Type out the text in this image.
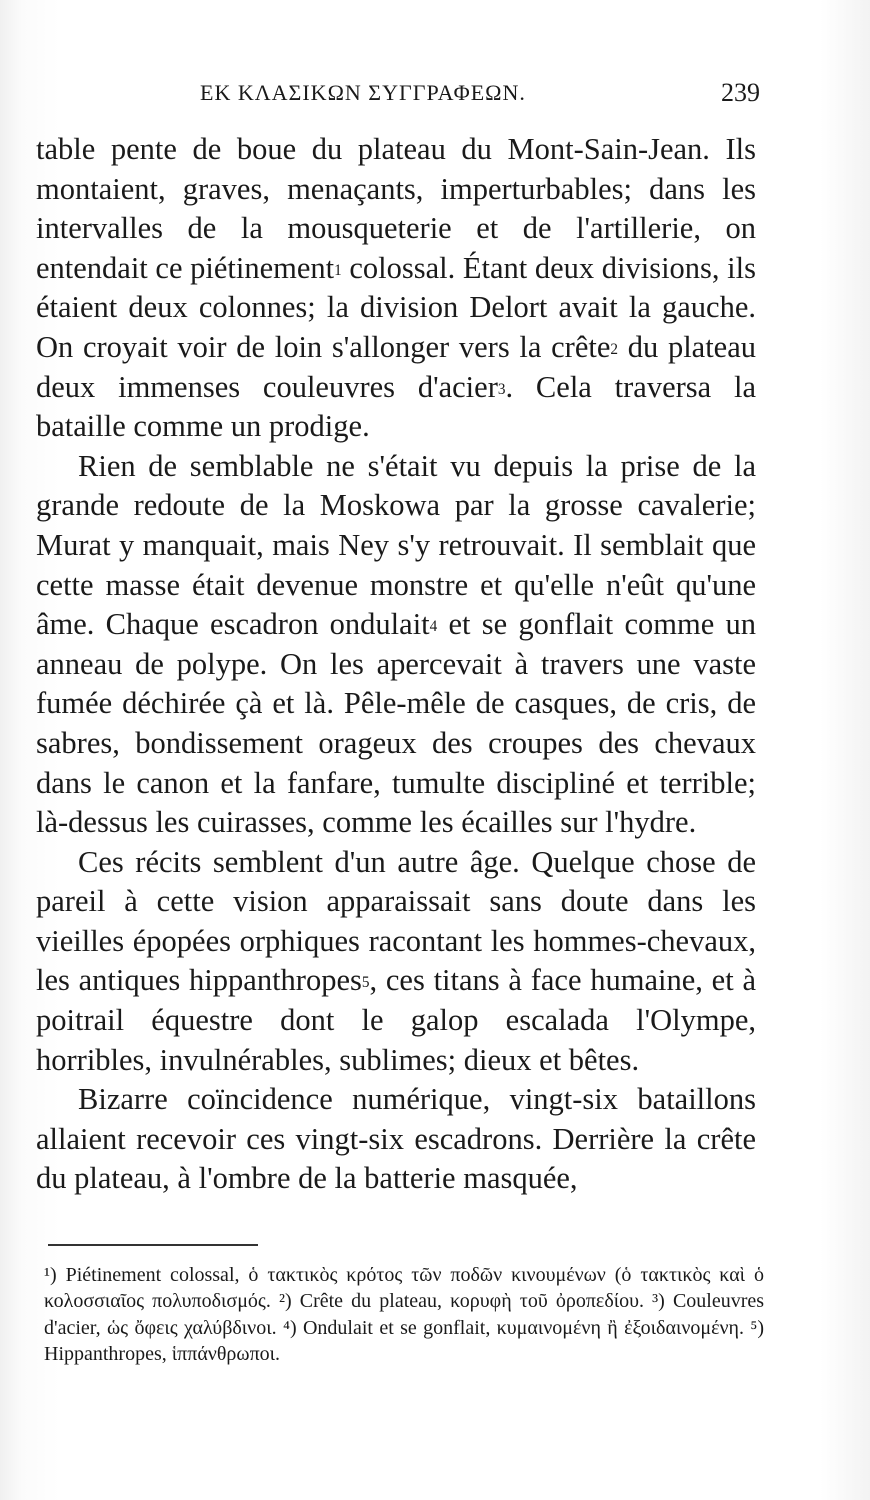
ΕΚ ΚΛΑΣΙΚΩΝ ΣΥΓΓΡΑΦΕΩΝ.	239

table pente de boue du plateau du Mont-Sain-Jean. Ils montaient, graves, menaçants, imperturbables; dans les intervalles de la mousqueterie et de l'artillerie, on entendait ce piétinement$^1$ colossal. Étant deux divisions, ils étaient deux colonnes; la division Delort avait la gauche. On croyait voir de loin s'allonger vers la crête$^2$ du plateau deux immenses couleuvres d'acier$^3$. Cela traversa la bataille comme un prodige.

Rien de semblable ne s'était vu depuis la prise de la grande redoute de la Moskowa par la grosse cavalerie; Murat y manquait, mais Ney s'y retrouvait. Il semblait que cette masse était devenue monstre et qu'elle n'eût qu'une âme. Chaque escadron ondulait$^4$ et se gonflait comme un anneau de polype. On les apercevait à travers une vaste fumée déchirée çà et là. Pêle-mêle de casques, de cris, de sabres, bondissement orageux des croupes des chevaux dans le canon et la fanfare, tumulte discipliné et terrible; là-dessus les cuirasses, comme les écailles sur l'hydre.

Ces récits semblent d'un autre âge. Quelque chose de pareil à cette vision apparaissait sans doute dans les vieilles épopées orphiques racontant les hommes-chevaux, les antiques hippanthropes$^5$, ces titans à face humaine, et à poitrail équestre dont le galop escalada l'Olympe, horribles, invulnérables, sublimes; dieux et bêtes.

Bizarre coïncidence numérique, vingt-six bataillons allaient recevoir ces vingt-six escadrons. Derrière la crête du plateau, à l'ombre de la batterie masquée,

¹) Piétinement colossal, ὁ τακτικὸς κρότος τῶν ποδῶν κινουμένων (ὁ τακτικὸς καὶ ὁ κολοσσιαῖος πολυποδισμός. ²) Crête du plateau, κορυφὴ τοῦ ὀροπεδίου. ³) Couleuvres d'acier, ὡς ὄφεις χαλύβδινοι. ⁴) Ondulait et se gonflait, κυμαινομένη ἢ ἐξοιδαινομένη. ⁵) Hippanthropes, ἱππάνθρωποι.
